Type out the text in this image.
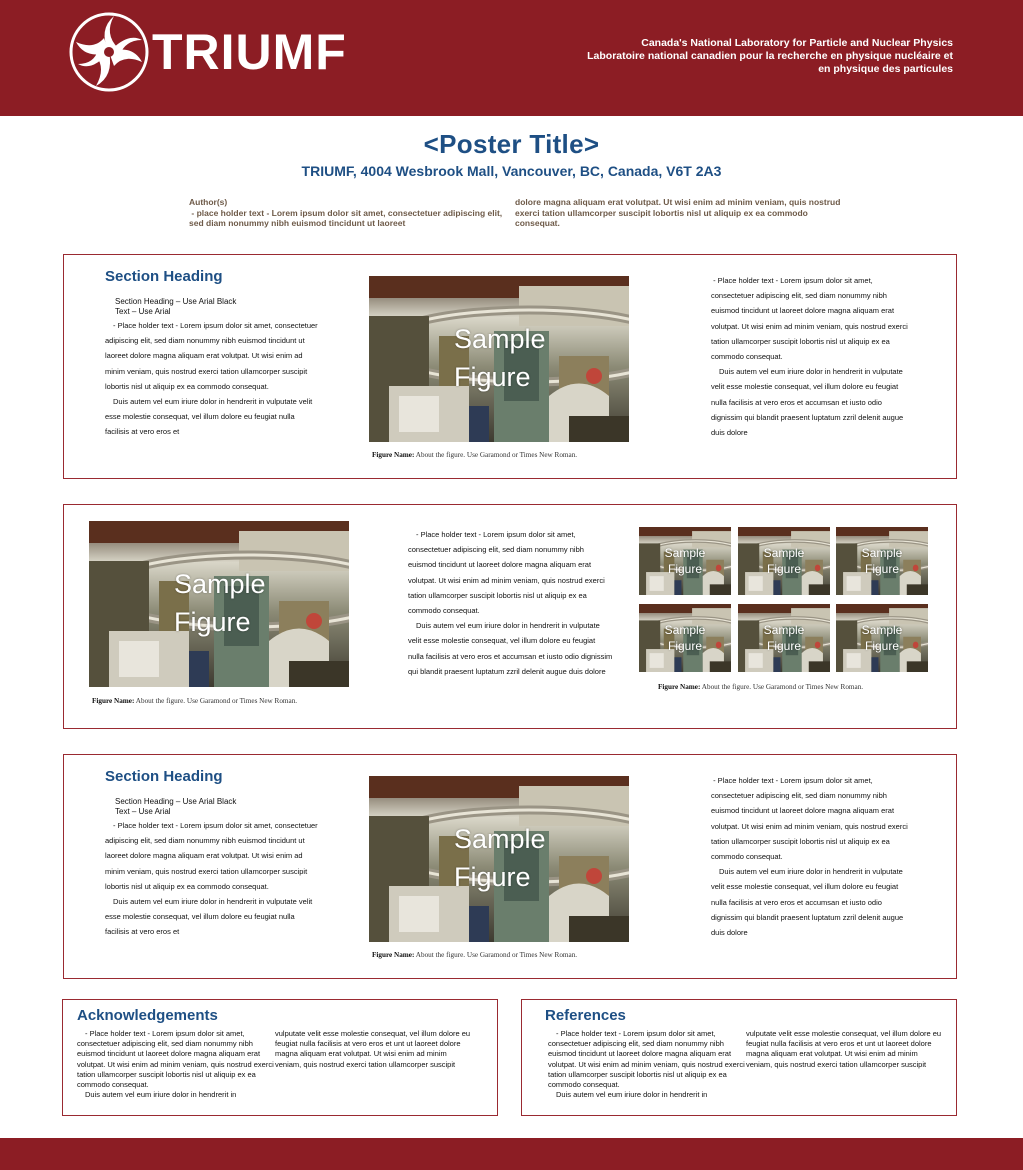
TRIUMF	Canada's National Laboratory for Particle and Nuclear Physics
Laboratoire national canadien pour la recherche en physique nucléaire et
en physique des particules
<Poster Title>
TRIUMF, 4004 Wesbrook Mall, Vancouver, BC, Canada, V6T 2A3
Author(s)
- place holder text - Lorem ipsum dolor sit amet, consectetuer adipiscing elit, sed diam nonummy nibh euismod tincidunt ut laoreet
dolore magna aliquam erat volutpat. Ut wisi enim ad minim veniam, quis nostrud exerci tation ullamcorper suscipit lobortis nisl ut aliquip ex ea commodo consequat.
Section Heading
Section Heading – Use Arial Black
Text – Use Arial

- Place holder text - Lorem ipsum dolor sit amet, consectetuer adipiscing elit, sed diam nonummy nibh euismod tincidunt ut laoreet dolore magna aliquam erat volutpat. Ut wisi enim ad minim veniam, quis nostrud exerci tation ullamcorper suscipit lobortis nisl ut aliquip ex ea commodo consequat.

Duis autem vel eum iriure dolor in hendrerit in vulputate velit esse molestie consequat, vel illum dolore eu feugiat nulla facilisis at vero eros et

Sample
Figure
Figure Name: About the figure. Use Garamond or Times New Roman.

- Place holder text - Lorem ipsum dolor sit amet, consectetuer adipiscing elit, sed diam nonummy nibh euismod tincidunt ut laoreet dolore magna aliquam erat volutpat. Ut wisi enim ad minim veniam, quis nostrud exerci tation ullamcorper suscipit lobortis nisl ut aliquip ex ea commodo consequat.

Duis autem vel eum iriure dolor in hendrerit in vulputate velit esse molestie consequat, vel illum dolore eu feugiat nulla facilisis at vero eros et accumsan et iusto odio dignissim qui blandit praesent luptatum zzril delenit augue duis dolore

Sample
Figure
Figure Name: About the figure. Use Garamond or Times New Roman.

- Place holder text - Lorem ipsum dolor sit amet, consectetuer adipiscing elit, sed diam nonummy nibh euismod tincidunt ut laoreet dolore magna aliquam erat volutpat. Ut wisi enim ad minim veniam, quis nostrud exerci tation ullamcorper suscipit lobortis nisl ut aliquip ex ea commodo consequat.

Duis autem vel eum iriure dolor in hendrerit in vulputate velit esse molestie consequat, vel illum dolore eu feugiat nulla facilisis at vero eros et accumsan et iusto odio dignissim qui blandit praesent luptatum zzril delenit augue duis dolore

Sample
Figure
Sample
Figure
Sample
Figure
Sample
Figure
Sample
Figure
Sample
Figure
Figure Name: About the figure. Use Garamond or Times New Roman.
Section Heading
Section Heading – Use Arial Black
Text – Use Arial

- Place holder text - Lorem ipsum dolor sit amet, consectetuer adipiscing elit, sed diam nonummy nibh euismod tincidunt ut laoreet dolore magna aliquam erat volutpat. Ut wisi enim ad minim veniam, quis nostrud exerci tation ullamcorper suscipit lobortis nisl ut aliquip ex ea commodo consequat.

Duis autem vel eum iriure dolor in hendrerit in vulputate velit esse molestie consequat, vel illum dolore eu feugiat nulla facilisis at vero eros et

Sample
Figure
Figure Name: About the figure. Use Garamond or Times New Roman.

- Place holder text - Lorem ipsum dolor sit amet, consectetuer adipiscing elit, sed diam nonummy nibh euismod tincidunt ut laoreet dolore magna aliquam erat volutpat. Ut wisi enim ad minim veniam, quis nostrud exerci tation ullamcorper suscipit lobortis nisl ut aliquip ex ea commodo consequat.

Duis autem vel eum iriure dolor in hendrerit in vulputate velit esse molestie consequat, vel illum dolore eu feugiat nulla facilisis at vero eros et accumsan et iusto odio dignissim qui blandit praesent luptatum zzril delenit augue duis dolore

Acknowledgements

- Place holder text - Lorem ipsum dolor sit amet, consectetuer adipiscing elit, sed diam nonummy nibh euismod tincidunt ut laoreet dolore magna aliquam erat volutpat. Ut wisi enim ad minim veniam, quis nostrud exerci tation ullamcorper suscipit lobortis nisl ut aliquip ex ea commodo consequat.

Duis autem vel eum iriure dolor in hendrerit in

vulputate velit esse molestie consequat, vel illum dolore eu feugiat nulla facilisis at vero eros et unt ut laoreet dolore magna aliquam erat volutpat. Ut wisi enim ad minim veniam, quis nostrud exerci tation ullamcorper suscipit

References

- Place holder text - Lorem ipsum dolor sit amet, consectetuer adipiscing elit, sed diam nonummy nibh euismod tincidunt ut laoreet dolore magna aliquam erat volutpat. Ut wisi enim ad minim veniam, quis nostrud exerci tation ullamcorper suscipit lobortis nisl ut aliquip ex ea commodo consequat.

Duis autem vel eum iriure dolor in hendrerit in

vulputate velit esse molestie consequat, vel illum dolore eu feugiat nulla facilisis at vero eros et unt ut laoreet dolore magna aliquam erat volutpat. Ut wisi enim ad minim veniam, quis nostrud exerci tation ullamcorper suscipit
